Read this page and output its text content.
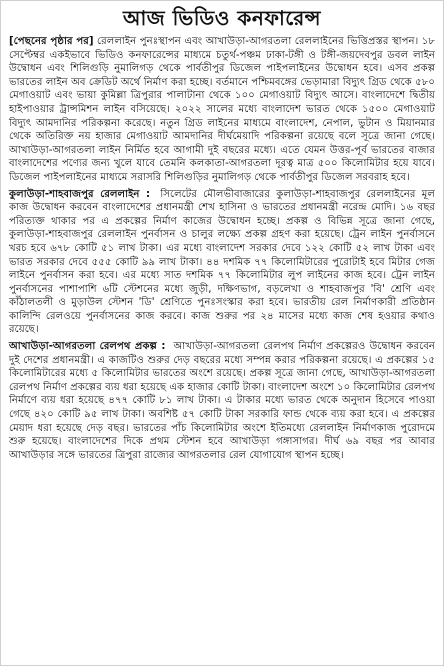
আজ ভিডিও কনফারেন্স

[পেছনের পৃষ্ঠার পর] রেললাইন পুনঃস্থাপন এবং আখাউড়া-আগরতলা রেললাইনের ভিত্তিপ্রস্তর স্থাপন। ১৮ সেপ্টেম্বর একইভাবে ভিডিও কনফারেন্সের মাধ্যমে চতুর্থ-পঞ্চম ঢাকা-টঙ্গী ও টঙ্গী-জয়দেবপুর ডবল লাইন উদ্বোধন এবং শিলিগুড়ি নুমালিগড় থেকে পার্বতীপুর ডিজেল পাইপলাইনের উদ্বোধন হবে। এসব প্রকল্প ভারতের লাইন অব ক্রেডিট অর্থে নির্মাণ করা হচ্ছে। বর্তমানে পশ্চিমবঙ্গের ভেড়ামারা বিদ্যুৎ গ্রিড থেকে ৫৮০ মেগাওয়াট এবং ভায়া কুমিল্লা ত্রিপুরার পালাটানা থেকে ১০০ মেগাওয়াট বিদ্যুৎ আসে। বাংলাদেশে দ্বিতীয় হাইপাওয়ার ট্রান্সমিশন লাইন বসিয়েছে। ২০২২ সালের মধ্যে বাংলাদেশ ভারত থেকে ১৫০০ মেগাওয়াট বিদ্যুৎ আমদানির পরিকল্পনা করেছে। নতুন গ্রিড লাইনের মাধ্যমে বাংলাদেশ, নেপাল, ভুটান ও মিয়ানমার থেকে অতিরিক্ত নয় হাজার মেগাওয়াট আমদানির দীর্ঘমেয়াদি পরিকল্পনা রয়েছে বলে সূত্রে জানা গেছে। আখাউড়া-আগরতলা লাইন নির্মিত হবে আগামী দুই বছরের মধ্যে। এতে যেমন উত্তর-পূর্ব ভারতের বাজার বাংলাদেশের পণ্যের জন্য খুলে যাবে তেমনি কলকাতা-আগরতলা দূরত্ব মাত্র ৫০০ কিলোমিটার হয়ে যাবে। ডিজেল পাইপলাইনের মাধ্যমে সরাসরি শিলিগুড়ির নুমালিগড় থেকে পার্বতীপুর ডিজেল সরবরাহ হবে।

কুলাউড়া-শাহবাজপুর রেললাইন : সিলেটের মৌলভীবাজারের কুলাউড়া-শাহবাজপুর রেললাইনের মূল কাজ উদ্বোধন করবেন বাংলাদেশের প্রধানমন্ত্রী শেখ হাসিনা ও ভারতের প্রধানমন্ত্রী নরেন্দ্র মোদি। ১৬ বছর পরিত্যক্ত থাকার পর এ প্রকল্পের নির্মাণ কাজের উদ্বোধন হচ্ছে। প্রকল্প ও বিভিন্ন সূত্রে জানা গেছে, কুলাউড়া-শাহবাজপুর রেললাইন পুনর্বাসন ও চালুর লক্ষ্যে প্রকল্প গ্রহণ করা হয়েছে। ট্রেন লাইন পুনর্বাসনে খরচ হবে ৬৭৮ কোটি ৫১ লাখ টাকা। এর মধ্যে বাংলাদেশ সরকার দেবে ১২২ কোটি ৫২ লাখ টাকা এবং ভারত সরকার দেবে ৫৫৫ কোটি ৯৯ লাখ টাকা। ৪৪ দশমিক ৭৭ কিলোমিটারের পুরোটাই হবে মিটার গেজ লাইনে পুনর্বাসন করা হবে। এর মধ্যে সাত দশমিক ৭৭ কিলোমিটার লুপ লাইনের কাজ হবে। ট্রেন লাইন পুনর্বাসনের পাশাপাশি ৬টি স্টেশনের মধ্যে জুড়ী, দক্ষিণভাগ, বড়লেখা ও শাহবাজপুর 'বি' শ্রেণি এবং কাঁঠালতলী ও মুড়াউল স্টেশন 'ডি' শ্রেণিতে পুনঃসংস্কার করা হবে। ভারতীয় রেল নির্মাণকারী প্রতিষ্ঠান কালিন্দি রেলওয়ে পুনর্বাসনের কাজ করবে। কাজ শুরুর পর ২৪ মাসের মধ্যে কাজ শেষ হওয়ার কথাও রয়েছে।

আখাউড়া-আগরতলা রেলপথ প্রকল্প : আখাউড়া-আগরতলা রেলপথ নির্মাণ প্রকল্পেরও উদ্বোধন করবেন দুই দেশের প্রধানমন্ত্রী। এ কাজটিও শুরুর দেড় বছরের মধ্যে সম্পন্ন করার পরিকল্পনা রয়েছে। এ প্রকল্পের ১৫ কিলোমিটারের মধ্যে ৫ কিলোমিটার ভারতের অংশে রয়েছে। প্রকল্প সূত্রে জানা গেছে, আখাউড়া-আগরতলা রেলপথ নির্মাণ প্রকল্পের ব্যয় ধরা হয়েছে এক হাজার কোটি টাকা। বাংলাদেশ অংশে ১০ কিলোমিটার রেলপথ নির্মাণে ব্যয় ধরা হয়েছে ৪৭৭ কোটি ৮১ লাখ টাকা। এ টাকার মধ্যে ভারত থেকে অনুদান হিসেবে পাওয়া গেছে ৪২০ কোটি ৯৫ লাখ টাকা। অবশিষ্ট ৫৭ কোটি টাকা সরকারি ফান্ড থেকে ব্যয় করা হবে। এ প্রকল্পের মেয়াদ ধরা হয়েছে দেড় বছর। ভারতের পাঁচ কিলোমিটার অংশে ইতিমধ্যে রেললাইন নির্মাণকাজ পুরোদমে শুরু হয়েছে। বাংলাদেশের দিকে প্রথম স্টেশন হবে আখাউড়া গঙ্গাসাগর। দীর্ঘ ৬৯ বছর পর আবার আখাউড়ার সঙ্গে ভারতের ত্রিপুরা রাজ্যের আগরতলার রেল যোগাযোগ স্থাপন হচ্ছে।
